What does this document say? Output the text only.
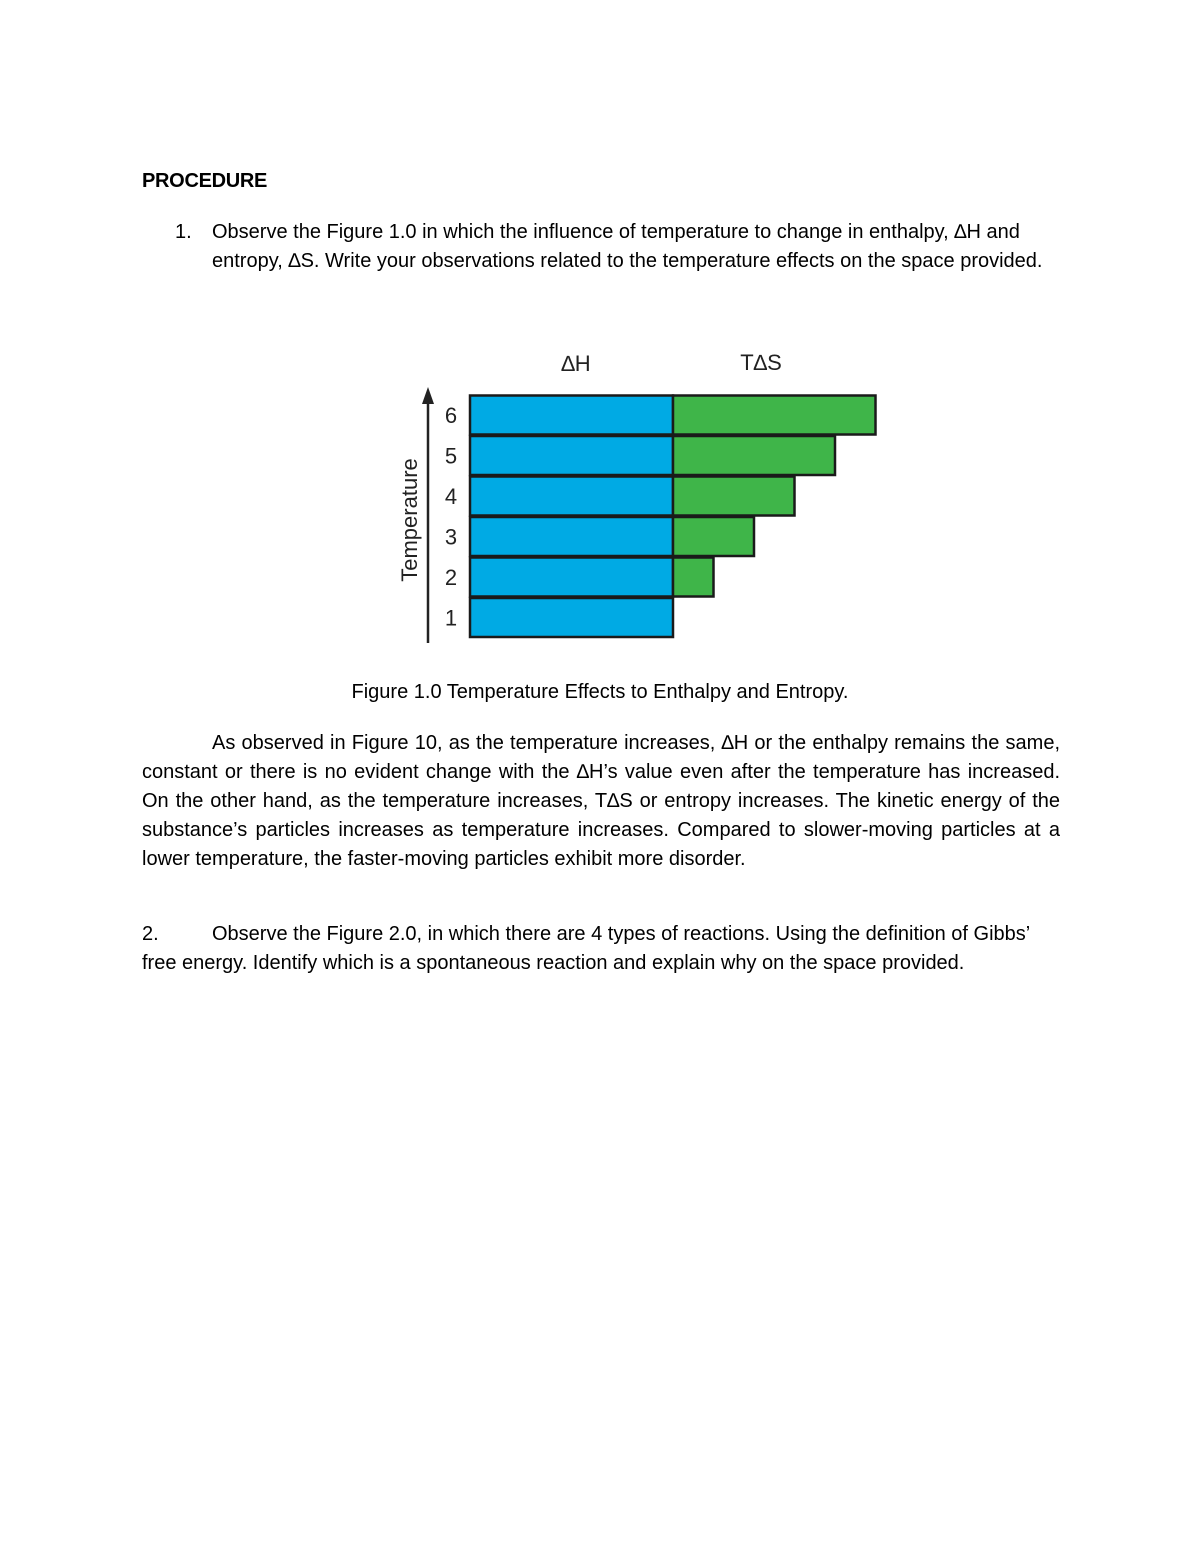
PROCEDURE
1. Observe the Figure 1.0 in which the influence of temperature to change in enthalpy, ∆H and entropy, ∆S. Write your observations related to the temperature effects on the space provided.
∆H	T∆S
Temperature
1
2
3
4
5
6
Figure 1.0 Temperature Effects to Enthalpy and Entropy.
As observed in Figure 10, as the temperature increases, ∆H or the enthalpy remains the same, constant or there is no evident change with the ∆H’s value even after the temperature has increased. On the other hand, as the temperature increases, T∆S or entropy increases. The kinetic energy of the substance’s particles increases as temperature increases. Compared to slower-moving particles at a lower temperature, the faster-moving particles exhibit more disorder.
2.	Observe the Figure 2.0, in which there are 4 types of reactions. Using the definition of Gibbs’ free energy. Identify which is a spontaneous reaction and explain why on the space provided.
